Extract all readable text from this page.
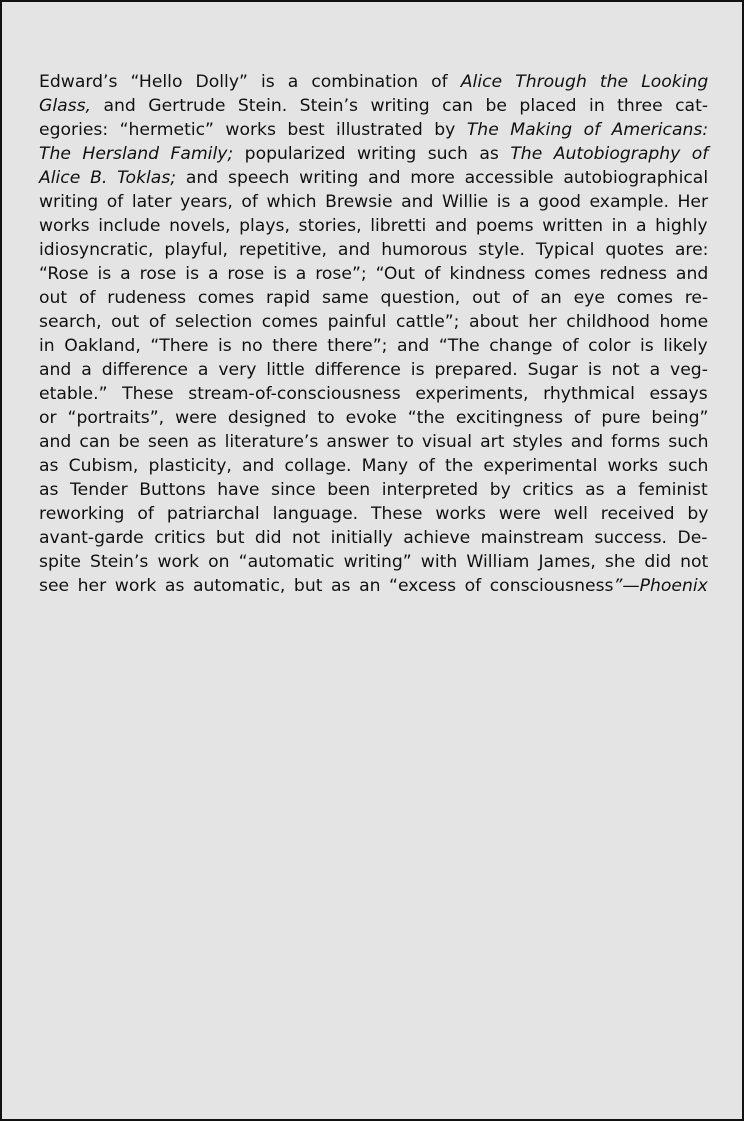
Edward’s “Hello Dolly” is a combination of Alice Through the Looking
Glass, and Gertrude Stein. Stein’s writing can be placed in three cat-
egories: “hermetic” works best illustrated by The Making of Americans:
The Hersland Family; popularized writing such as The Autobiography of
Alice B. Toklas; and speech writing and more accessible autobiographical
writing of later years, of which Brewsie and Willie is a good example. Her
works include novels, plays, stories, libretti and poems written in a highly
idiosyncratic, playful, repetitive, and humorous style. Typical quotes are:
“Rose is a rose is a rose is a rose”; “Out of kindness comes redness and
out of rudeness comes rapid same question, out of an eye comes re-
search, out of selection comes painful cattle”; about her childhood home
in Oakland, “There is no there there”; and “The change of color is likely
and a difference a very little difference is prepared. Sugar is not a veg-
etable.” These stream-of-consciousness experiments, rhythmical essays
or “portraits”, were designed to evoke “the excitingness of pure being”
and can be seen as literature’s answer to visual art styles and forms such
as Cubism, plasticity, and collage. Many of the experimental works such
as Tender Buttons have since been interpreted by critics as a feminist
reworking of patriarchal language. These works were well received by
avant-garde critics but did not initially achieve mainstream success. De-
spite Stein’s work on “automatic writing” with William James, she did not
see her work as automatic, but as an “excess of consciousness”—Phoenix
